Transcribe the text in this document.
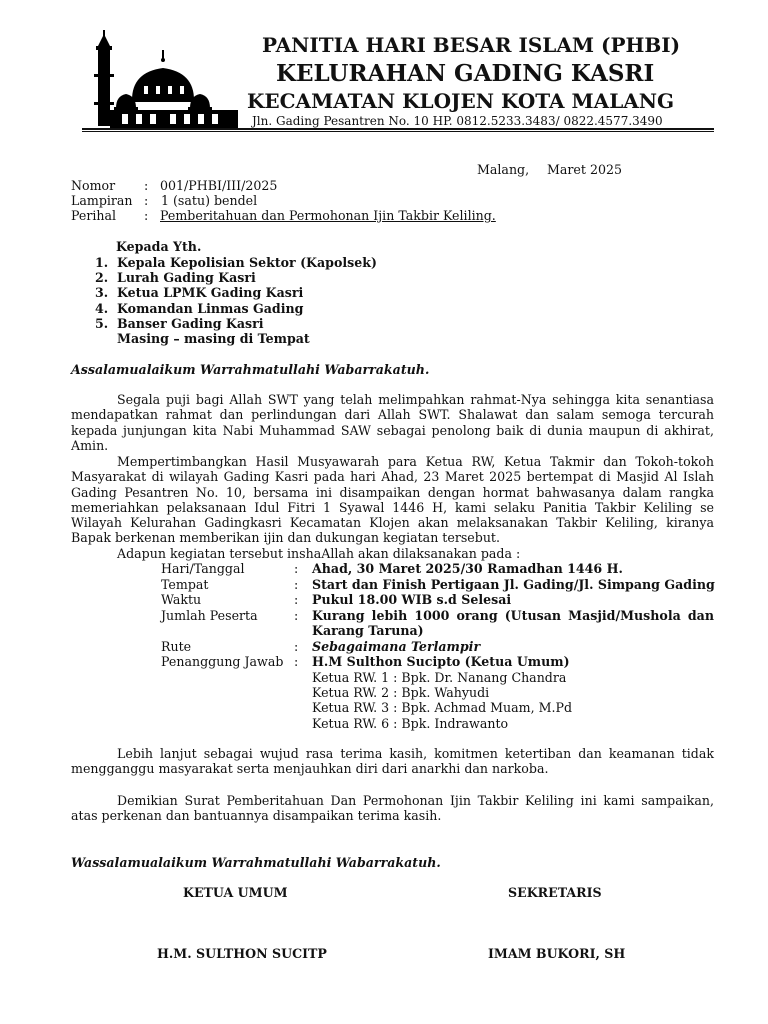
PANITIA HARI BESAR ISLAM (PHBI)
KELURAHAN GADING KASRI
KECAMATAN KLOJEN KOTA MALANG
Jln. Gading Pesantren No. 10 HP. 0812.5233.3483/ 0822.4577.3490
Malang, Maret 2025
Nomor : 001/PHBI/III/2025
Lampiran : 1 (satu) bendel
Perihal : Pemberitahuan dan Permohonan Ijin Takbir Keliling.
Kepada Yth.
1. Kepala Kepolisian Sektor (Kapolsek)
2. Lurah Gading Kasri
3. Ketua LPMK Gading Kasri
4. Komandan Linmas Gading
5. Banser Gading Kasri
Masing – masing di Tempat
Assalamualaikum Warrahmatullahi Wabarrakatuh.
Segala puji bagi Allah SWT yang telah melimpahkan rahmat-Nya sehingga kita senantiasa
mendapatkan rahmat dan perlindungan dari Allah SWT. Shalawat dan salam semoga tercurah
kepada junjungan kita Nabi Muhammad SAW sebagai penolong baik di dunia maupun di akhirat,
Amin.
Mempertimbangkan Hasil Musyawarah para Ketua RW, Ketua Takmir dan Tokoh-tokoh
Masyarakat di wilayah Gading Kasri pada hari Ahad, 23 Maret 2025 bertempat di Masjid Al Islah
Gading Pesantren No. 10, bersama ini disampaikan dengan hormat bahwasanya dalam rangka
memeriahkan pelaksanaan Idul Fitri 1 Syawal 1446 H, kami selaku Panitia Takbir Keliling se
Wilayah Kelurahan Gadingkasri Kecamatan Klojen akan melaksanakan Takbir Keliling, kiranya
Bapak berkenan memberikan ijin dan dukungan kegiatan tersebut.
Adapun kegiatan tersebut inshaAllah akan dilaksanakan pada :
Hari/Tanggal	: Ahad, 30 Maret 2025/30 Ramadhan 1446 H.
Tempat	: Start dan Finish Pertigaan Jl. Gading/Jl. Simpang Gading
Waktu	: Pukul 18.00 WIB s.d Selesai
Jumlah Peserta	: Kurang lebih 1000 orang (Utusan Masjid/Mushola dan
Karang Taruna)
Rute	: Sebagaimana Terlampir
Penanggung Jawab : H.M Sulthon Sucipto (Ketua Umum)
Ketua RW. 1 : Bpk. Dr. Nanang Chandra
Ketua RW. 2 : Bpk. Wahyudi
Ketua RW. 3 : Bpk. Achmad Muam, M.Pd
Ketua RW. 6 : Bpk. Indrawanto
Lebih lanjut sebagai wujud rasa terima kasih, komitmen ketertiban dan keamanan tidak
mengganggu masyarakat serta menjauhkan diri dari anarkhi dan narkoba.
Demikian Surat Pemberitahuan Dan Permohonan Ijin Takbir Keliling ini kami sampaikan,
atas perkenan dan bantuannya disampaikan terima kasih.
Wassalamualaikum Warrahmatullahi Wabarrakatuh.
KETUA UMUM	SEKRETARIS
H.M. SULTHON SUCITP	IMAM BUKORI, SH
